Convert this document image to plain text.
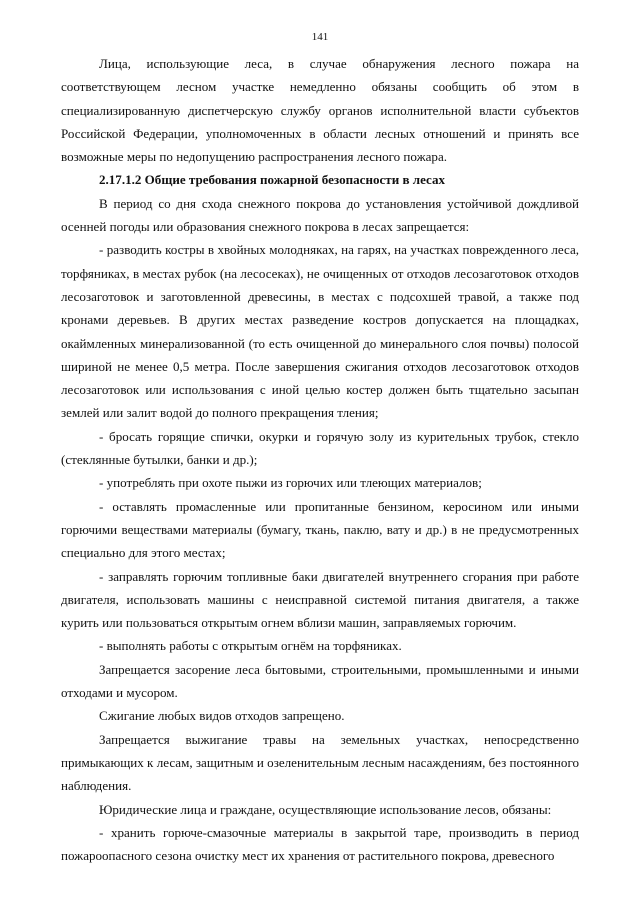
141

Лица, использующие леса, в случае обнаружения лесного пожара на соответствующем лесном участке немедленно обязаны сообщить об этом в специализированную диспетчерскую службу органов исполнительной власти субъектов Российской Федерации, уполномоченных в области лесных отношений и принять все возможные меры по недопущению распространения лесного пожара.

2.17.1.2 Общие требования пожарной безопасности в лесах

В период со дня схода снежного покрова до установления устойчивой дождливой осенней погоды или образования снежного покрова в лесах запрещается:

- разводить костры в хвойных молодняках, на гарях, на участках поврежденного леса, торфяниках, в местах рубок (на лесосеках), не очищенных от отходов лесозаготовок отходов лесозаготовок и заготовленной древесины, в местах с подсохшей травой, а также под кронами деревьев. В других местах разведение костров допускается на площадках, окаймленных минерализованной (то есть очищенной до минерального слоя почвы) полосой шириной не менее 0,5 метра. После завершения сжигания отходов лесозаготовок отходов лесозаготовок или использования с иной целью костер должен быть тщательно засыпан землей или залит водой до полного прекращения тления;

- бросать горящие спички, окурки и горячую золу из курительных трубок, стекло (стеклянные бутылки, банки и др.);

- употреблять при охоте пыжи из горючих или тлеющих материалов;

- оставлять промасленные или пропитанные бензином, керосином или иными горючими веществами материалы (бумагу, ткань, паклю, вату и др.) в не предусмотренных специально для этого местах;

- заправлять горючим топливные баки двигателей внутреннего сгорания при работе двигателя, использовать машины с неисправной системой питания двигателя, а также курить или пользоваться открытым огнем вблизи машин, заправляемых горючим.

- выполнять работы с открытым огнём на торфяниках.

Запрещается засорение леса бытовыми, строительными, промышленными и иными отходами и мусором.

Сжигание любых видов отходов запрещено.

Запрещается выжигание травы на земельных участках, непосредственно примыкающих к лесам, защитным и озеленительным лесным насаждениям, без постоянного наблюдения.

Юридические лица и граждане, осуществляющие использование лесов, обязаны:

- хранить горюче-смазочные материалы в закрытой таре, производить в период пожароопасного сезона очистку мест их хранения от растительного покрова, древесного
